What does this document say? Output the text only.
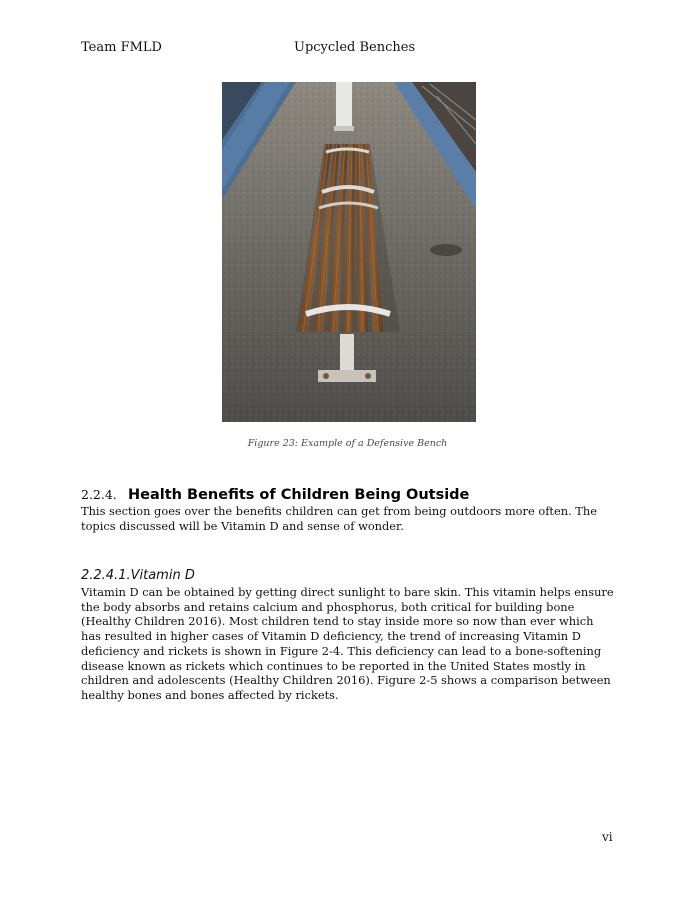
Team FMLD	Upcycled Benches
Figure 23: Example of a Defensive Bench
2.2.4. Health Benefits of Children Being Outside
This section goes over the benefits children can get from being outdoors more often. The topics discussed will be Vitamin D and sense of wonder.
2.2.4.1.Vitamin D
Vitamin D can be obtained by getting direct sunlight to bare skin. This vitamin helps ensure the body absorbs and retains calcium and phosphorus, both critical for building bone (Healthy Children 2016). Most children tend to stay inside more so now than ever which has resulted in higher cases of Vitamin D deficiency, the trend of increasing Vitamin D deficiency and rickets is shown in Figure 2-4. This deficiency can lead to a bone-softening disease known as rickets which continues to be reported in the United States mostly in children and adolescents (Healthy Children 2016). Figure 2-5 shows a comparison between healthy bones and bones affected by rickets.
vi
